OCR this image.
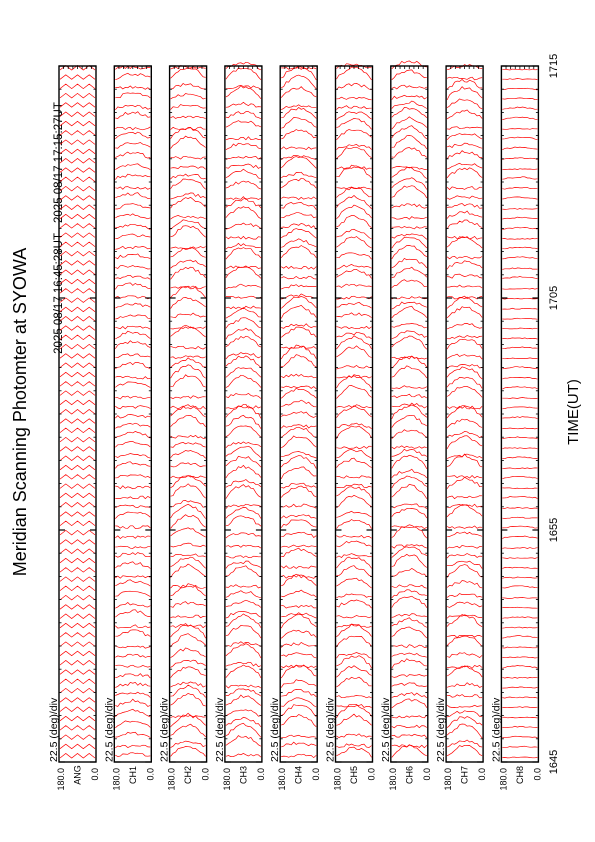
Meridian Scanning Photomter at SYOWA
2025 08/17 16:45:28UT - 2025 08/17 17:15:27UT
TIME(UT)
22.5 (deg)/div
180.0	0.0
ANG
22.5 (deg)/div
180.0	0.0
CH1
22.5 (deg)/div
180.0	0.0
CH2
22.5 (deg)/div
180.0	0.0
CH3
22.5 (deg)/div
180.0	0.0
CH4
22.5 (deg)/div
180.0	0.0
CH5
22.5 (deg)/div
180.0	0.0
CH6
22.5 (deg)/div
180.0	0.0
CH7
22.5 (deg)/div
180.0	0.0
CH8
1645
1655
1705
1715
